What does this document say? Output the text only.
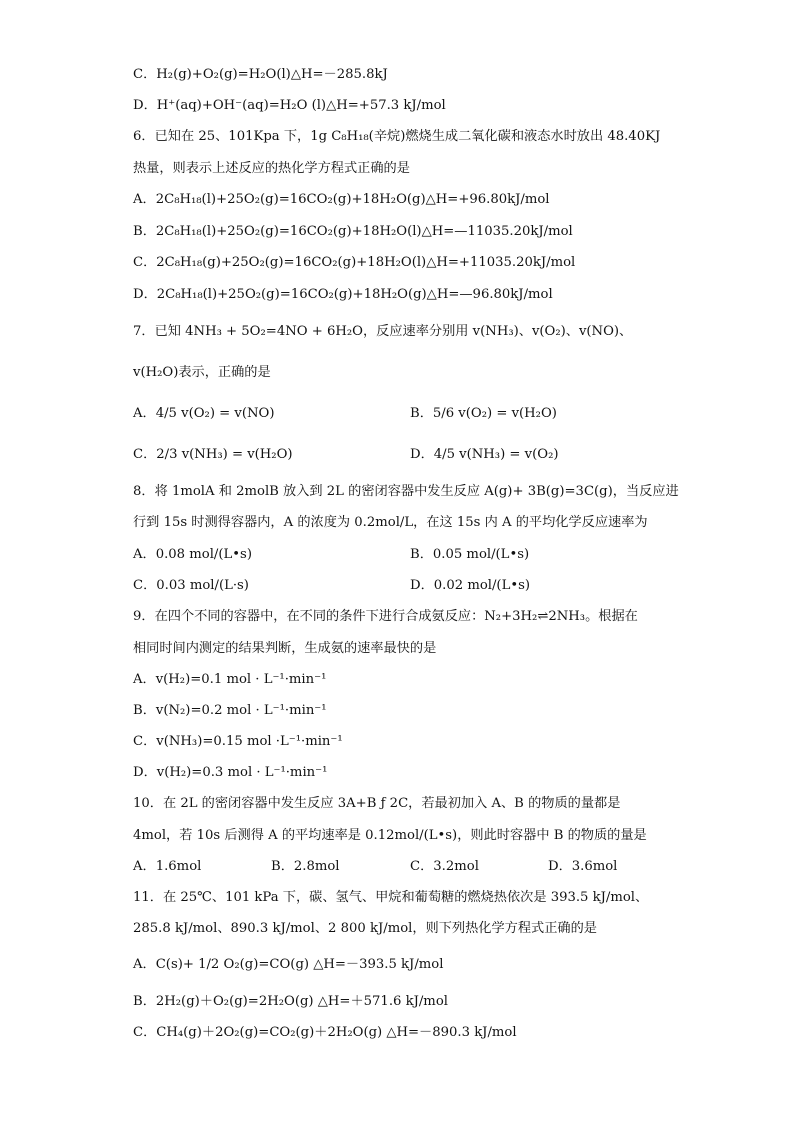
C．H₂(g)+O₂(g)=H₂O(l)△H=－285.8kJ
D．H⁺(aq)+OH⁻(aq)=H₂O (l)△H=+57.3 kJ/mol
6．已知在 25、101Kpa 下，1g C₈H₁₈(辛烷)燃烧生成二氧化碳和液态水时放出 48.40KJ
热量，则表示上述反应的热化学方程式正确的是
A．2C₈H₁₈(l)+25O₂(g)=16CO₂(g)+18H₂O(g)△H=+96.80kJ/mol
B．2C₈H₁₈(l)+25O₂(g)=16CO₂(g)+18H₂O(l)△H=—11035.20kJ/mol
C．2C₈H₁₈(g)+25O₂(g)=16CO₂(g)+18H₂O(l)△H=+11035.20kJ/mol
D．2C₈H₁₈(l)+25O₂(g)=16CO₂(g)+18H₂O(g)△H=—96.80kJ/mol
7．已知 4NH₃ + 5O₂=4NO + 6H₂O，反应速率分别用 v(NH₃)、v(O₂)、v(NO)、
v(H₂O)表示，正确的是
A．4/5 v(O₂) = v(NO)	B．5/6 v(O₂) = v(H₂O)
C．2/3 v(NH₃) = v(H₂O)	D．4/5 v(NH₃) = v(O₂)
8．将 1molA 和 2molB 放入到 2L 的密闭容器中发生反应 A(g)+ 3B(g)=3C(g)，当反应进
行到 15s 时测得容器内，A 的浓度为 0.2mol/L，在这 15s 内 A 的平均化学反应速率为
A．0.08 mol/(L•s)	B．0.05 mol/(L•s)
C．0.03 mol/(L·s)	D．0.02 mol/(L•s)
9．在四个不同的容器中，在不同的条件下进行合成氨反应：N₂+3H₂⇌2NH₃。根据在
相同时间内测定的结果判断，生成氨的速率最快的是
A．v(H₂)=0.1 mol · L⁻¹·min⁻¹
B．v(N₂)=0.2 mol · L⁻¹·min⁻¹
C．v(NH₃)=0.15 mol ·L⁻¹·min⁻¹
D．v(H₂)=0.3 mol · L⁻¹·min⁻¹
10．在 2L 的密闭容器中发生反应 3A+B ƒ 2C，若最初加入 A、B 的物质的量都是
4mol，若 10s 后测得 A 的平均速率是 0.12mol/(L•s)，则此时容器中 B 的物质的量是
A．1.6mol	B．2.8mol	C．3.2mol	D．3.6mol
11．在 25℃、101 kPa 下，碳、氢气、甲烷和葡萄糖的燃烧热依次是 393.5 kJ/mol、
285.8 kJ/mol、890.3 kJ/mol、2 800 kJ/mol，则下列热化学方程式正确的是
A．C(s)+ 1/2 O₂(g)=CO(g) △H=－393.5 kJ/mol
B．2H₂(g)＋O₂(g)=2H₂O(g) △H=＋571.6 kJ/mol
C．CH₄(g)＋2O₂(g)=CO₂(g)＋2H₂O(g) △H=－890.3 kJ/mol
